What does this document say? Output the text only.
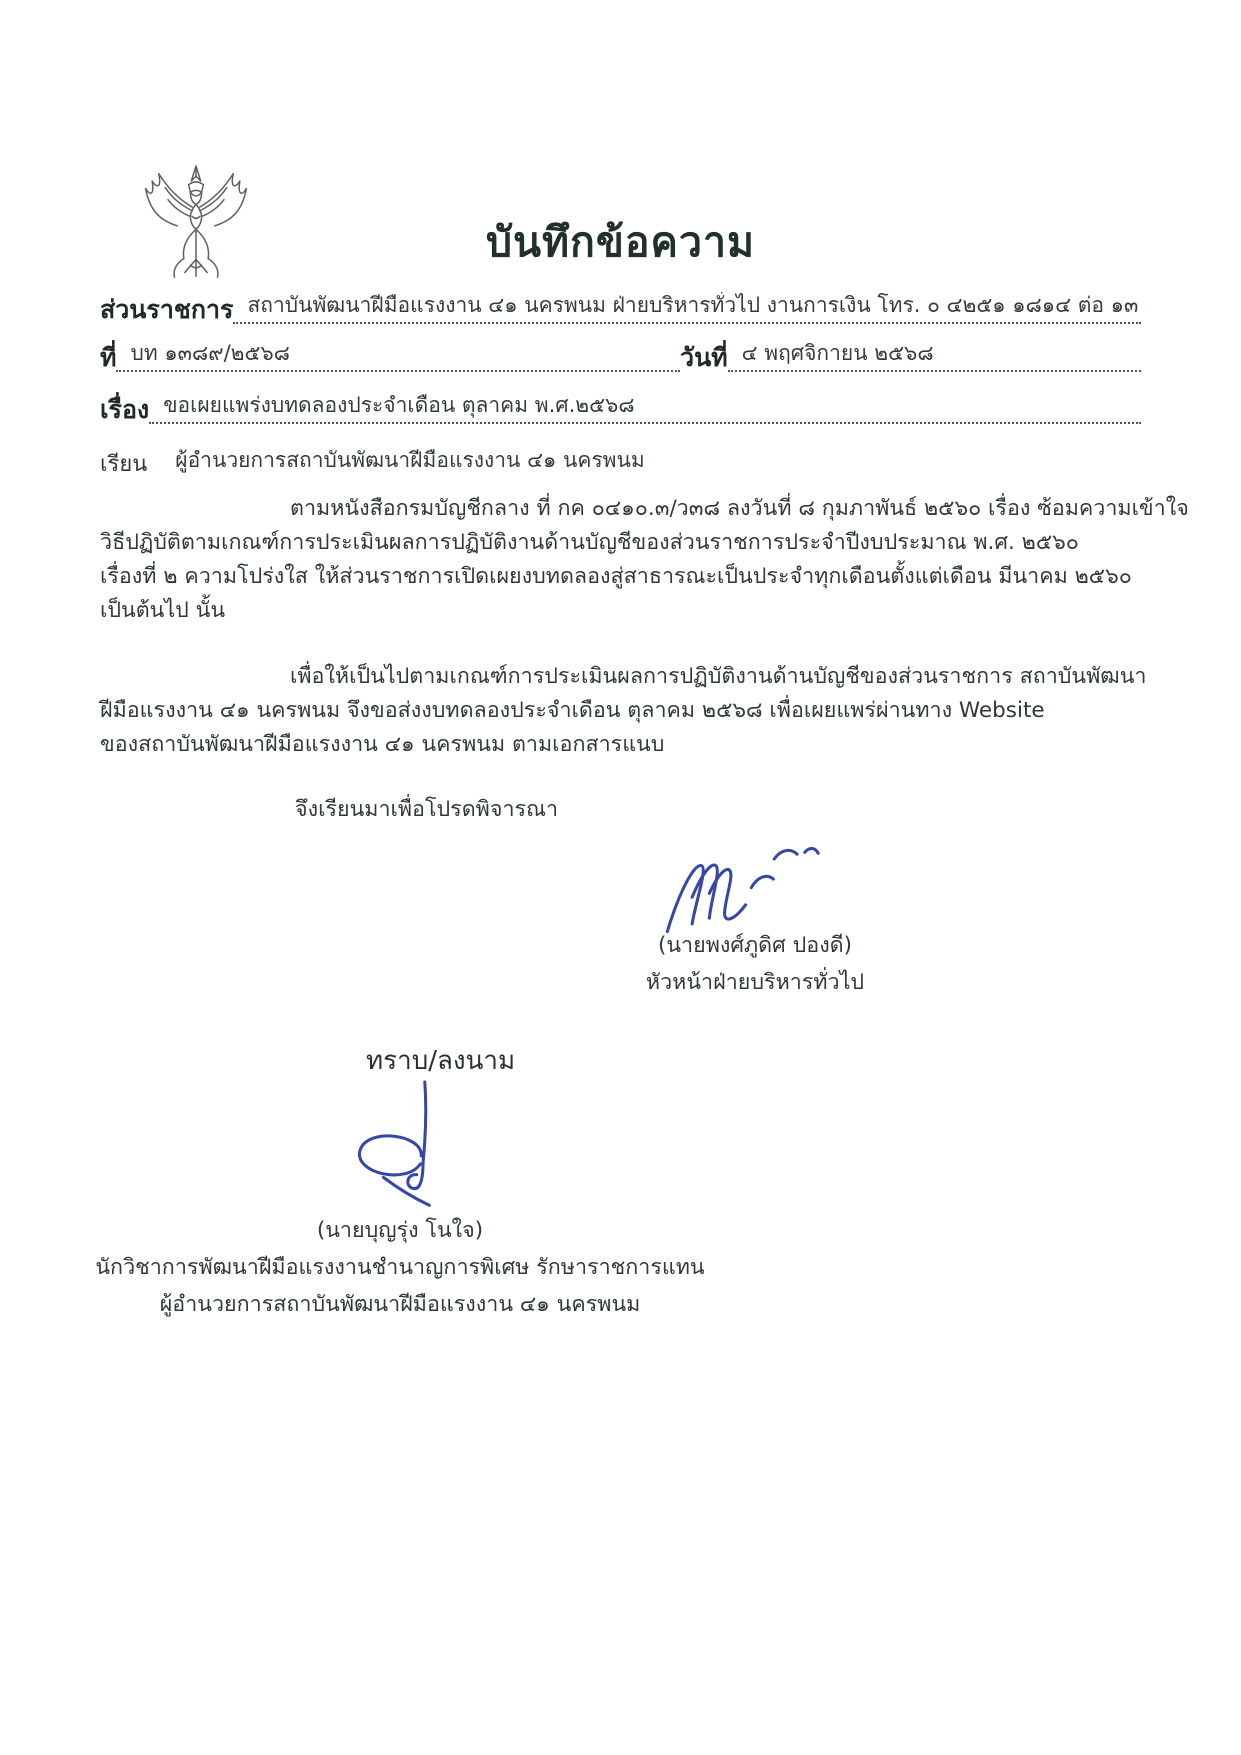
บันทึกข้อความ
ส่วนราชการ สถาบันพัฒนาฝีมือแรงงาน ๔๑ นครพนม ฝ่ายบริหารทั่วไป งานการเงิน โทร. ๐ ๔๒๕๑ ๑๘๑๔ ต่อ ๑๓
ที่ บท ๑๓๘๙/๒๕๖๘	วันที่ ๔ พฤศจิกายน ๒๕๖๘
เรื่อง ขอเผยแพร่งบทดลองประจำเดือน ตุลาคม พ.ศ.๒๕๖๘
เรียน	ผู้อำนวยการสถาบันพัฒนาฝีมือแรงงาน ๔๑ นครพนม
ตามหนังสือกรมบัญชีกลาง ที่ กค ๐๔๑๐.๓/ว๓๘ ลงวันที่ ๘ กุมภาพันธ์ ๒๕๖๐ เรื่อง ซ้อมความเข้าใจ
วิธีปฏิบัติตามเกณฑ์การประเมินผลการปฏิบัติงานด้านบัญชีของส่วนราชการประจำปีงบประมาณ พ.ศ. ๒๕๖๐
เรื่องที่ ๒ ความโปร่งใส ให้ส่วนราชการเปิดเผยงบทดลองสู่สาธารณะเป็นประจำทุกเดือนตั้งแต่เดือน มีนาคม ๒๕๖๐
เป็นต้นไป นั้น
เพื่อให้เป็นไปตามเกณฑ์การประเมินผลการปฏิบัติงานด้านบัญชีของส่วนราชการ สถาบันพัฒนา
ฝีมือแรงงาน ๔๑ นครพนม จึงขอส่งงบทดลองประจำเดือน ตุลาคม ๒๕๖๘ เพื่อเผยแพร่ผ่านทาง Website
ของสถาบันพัฒนาฝีมือแรงงาน ๔๑ นครพนม ตามเอกสารแนบ
จึงเรียนมาเพื่อโปรดพิจารณา
(นายพงศ์ภูดิศ ปองดี)
หัวหน้าฝ่ายบริหารทั่วไป
ทราบ/ลงนาม
(นายบุญรุ่ง โนใจ)
นักวิชาการพัฒนาฝีมือแรงงานชำนาญการพิเศษ รักษาราชการแทน
ผู้อำนวยการสถาบันพัฒนาฝีมือแรงงาน ๔๑ นครพนม
